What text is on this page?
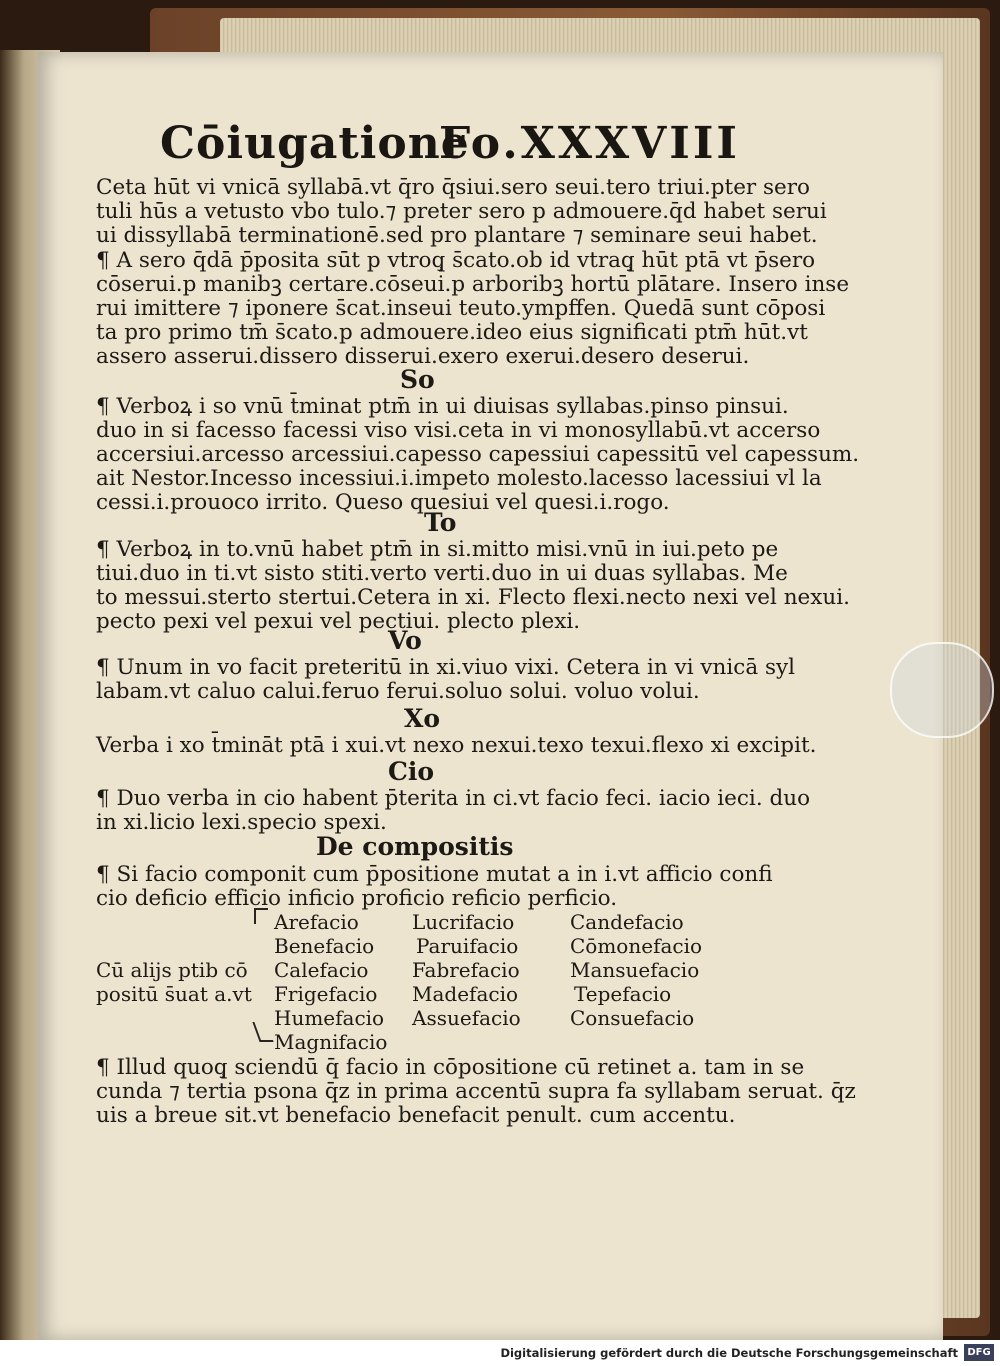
Cōiugatione
Fo.XXXVIII
Ceta hūt vi vnicā syllabā.vt q̄ro q̄siui.sero seui.tero triui.pter sero
tuli hūs a vetusto vbo tulo.⁊ preter sero p admouere.q̄d habet serui
ui dissyllabā terminationē.sed pro plantare ⁊ seminare seui habet.
¶ A sero q̄dā p̄posita sūt p vtroq̧ s̄cato.ob id vtraq̧ hūt ptā vt p̄sero
cōserui.p manibꝫ certare.cōseui.p arboribꝫ hortū plātare. Insero inse
rui imittere ⁊ iponere s̄cat.inseui teuto.ympffen. Quedā sunt cōposi
ta pro primo tm̄ s̄cato.p admouere.ideo eius significati ptm̄ hūt.vt
assero asserui.dissero disserui.exero exerui.desero deserui.
So
¶ Verboꝝ i so vnū t̄minat ptm̄ in ui diuisas syllabas.pinso pinsui.
duo in si facesso facessi viso visi.ceta in vi monosyllabū.vt accerso
accersiui.arcesso arcessiui.capesso capessiui capessitū vel capessum.
ait Nestor.Incesso incessiui.i.impeto molesto.lacesso lacessiui vl la
cessi.i.prouoco irrito. Queso quesiui vel quesi.i.rogo.
To
¶ Verboꝝ in to.vnū habet ptm̄ in si.mitto misi.vnū in iui.peto pe
tiui.duo in ti.vt sisto stiti.verto verti.duo in ui duas syllabas. Me
to messui.sterto stertui.Cetera in xi. Flecto flexi.necto nexi vel nexui.
pecto pexi vel pexui vel pectiui. plecto plexi.
Vo
¶ Unum in vo facit preteritū in xi.viuo vixi. Cetera in vi vnicā syl
labam.vt caluo calui.feruo ferui.soluo solui. voluo volui.
Xo
Verba i xo t̄mināt ptā i xui.vt nexo nexui.texo texui.flexo xi excipit.
Cio
¶ Duo verba in cio habent p̄terita in ci.vt facio feci. iacio ieci. duo
in xi.licio lexi.specio spexi.
De compositis
¶ Si facio componit cum p̄positione mutat a in i.vt afficio confi
cio deficio efficio inficio proficio reficio perficio.
Cū alijs ptib cō
positū s̄uat a.vt
Arefacio
Benefacio
Calefacio
Frigefacio
Humefacio
Magnifacio
Lucrifacio
Paruifacio
Fabrefacio
Madefacio
Assuefacio
Candefacio
Cōmonefacio
Mansuefacio
Tepefacio
Consuefacio
¶ Illud quoq̧ sciendū q̄ facio in cōpositione cū retinet a. tam in se
cunda ⁊ tertia psona q̄z in prima accentū supra fa syllabam seruat. q̄z
uis a breue sit.vt benefacio benefacit penult. cum accentu.
Digitalisierung gefördert durch die Deutsche Forschungsgemeinschaft DFG
